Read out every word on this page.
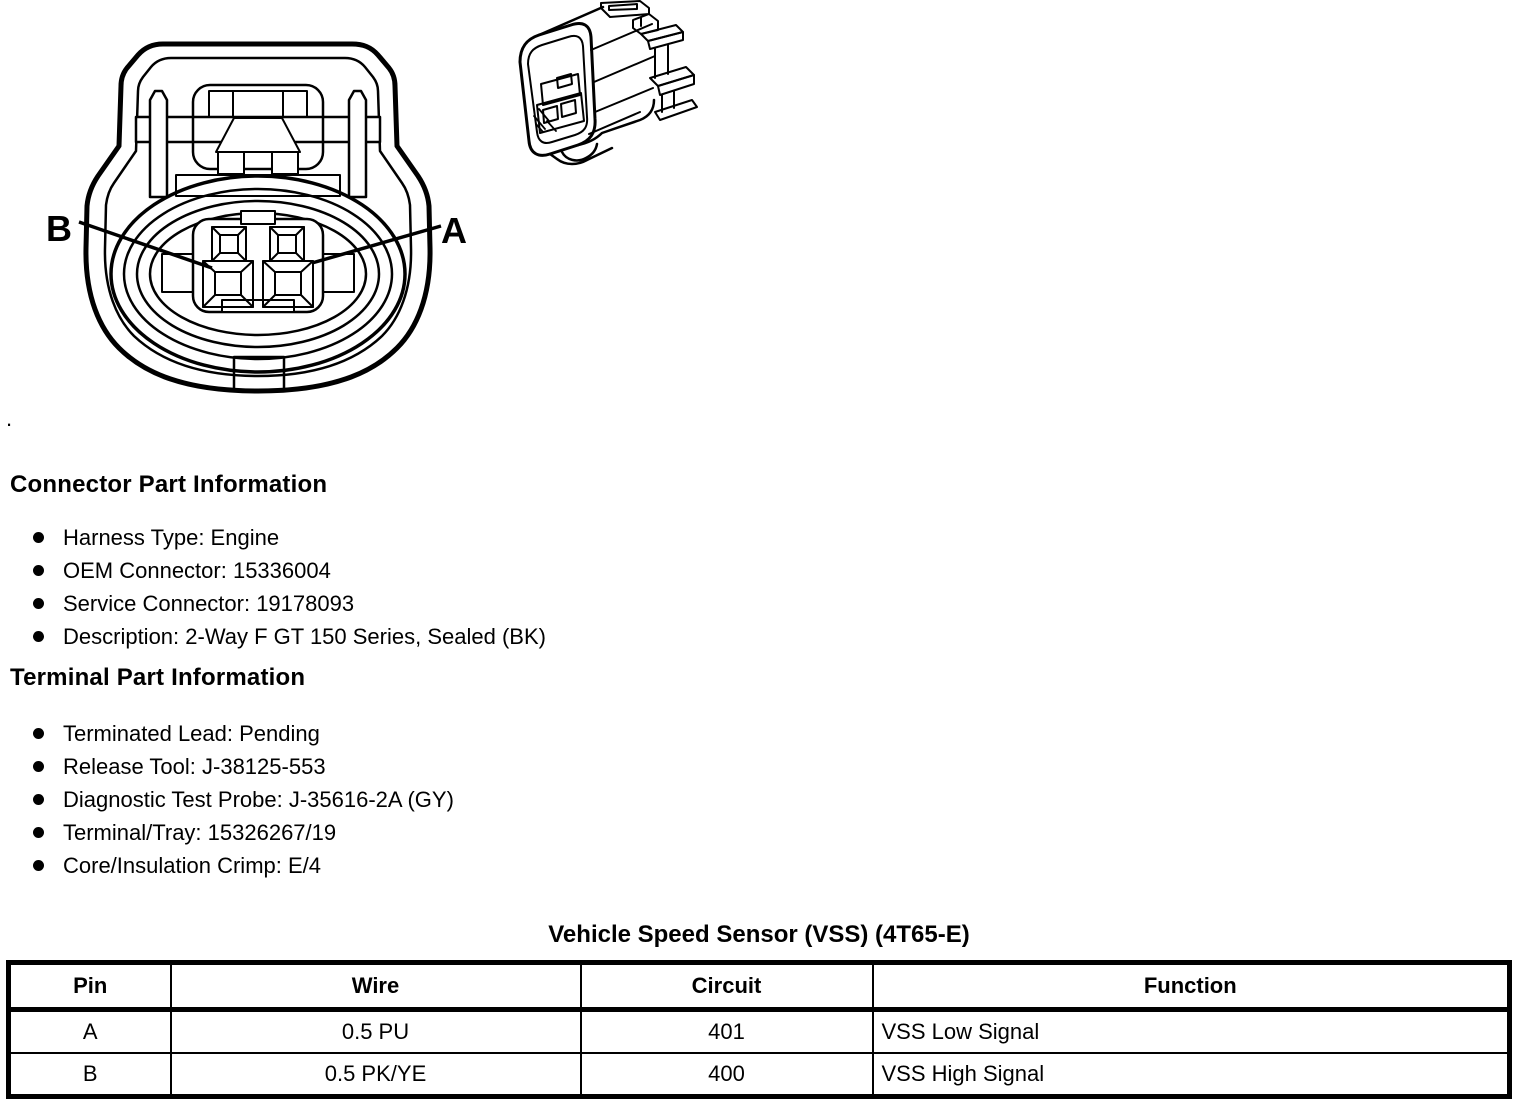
B	A
.
Connector Part Information
Harness Type: Engine
OEM Connector: 15336004
Service Connector: 19178093
Description: 2-Way F GT 150 Series, Sealed (BK)
Terminal Part Information
Terminated Lead: Pending
Release Tool: J-38125-553
Diagnostic Test Probe: J-35616-2A (GY)
Terminal/Tray: 15326267/19
Core/Insulation Crimp: E/4
Vehicle Speed Sensor (VSS) (4T65-E)
Pin	Wire	Circuit	Function
A	0.5 PU	401	VSS Low Signal
B	0.5 PK/YE	400	VSS High Signal
